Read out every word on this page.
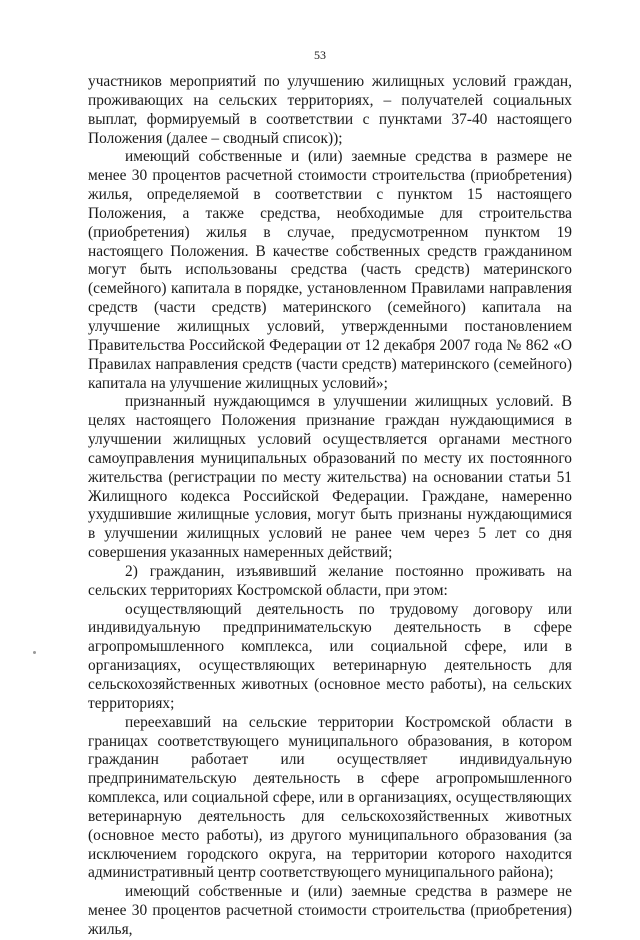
53

участников мероприятий по улучшению жилищных условий граждан, проживающих на сельских территориях, – получателей социальных выплат, формируемый в соответствии с пунктами 37-40 настоящего Положения (далее – сводный список));

имеющий собственные и (или) заемные средства в размере не менее 30 процентов расчетной стоимости строительства (приобретения) жилья, определяемой в соответствии с пунктом 15 настоящего Положения, а также средства, необходимые для строительства (приобретения) жилья в случае, предусмотренном пунктом 19 настоящего Положения. В качестве собственных средств гражданином могут быть использованы средства (часть средств) материнского (семейного) капитала в порядке, установленном Правилами направления средств (части средств) материнского (семейного) капитала на улучшение жилищных условий, утвержденными постановлением Правительства Российской Федерации от 12 декабря 2007 года № 862 «О Правилах направления средств (части средств) материнского (семейного) капитала на улучшение жилищных условий»;

признанный нуждающимся в улучшении жилищных условий. В целях настоящего Положения признание граждан нуждающимися в улучшении жилищных условий осуществляется органами местного самоуправления муниципальных образований по месту их постоянного жительства (регистрации по месту жительства) на основании статьи 51 Жилищного кодекса Российской Федерации. Граждане, намеренно ухудшившие жилищные условия, могут быть признаны нуждающимися в улучшении жилищных условий не ранее чем через 5 лет со дня совершения указанных намеренных действий;

2) гражданин, изъявивший желание постоянно проживать на сельских территориях Костромской области, при этом:

осуществляющий деятельность по трудовому договору или индивидуальную предпринимательскую деятельность в сфере агропромышленного комплекса, или социальной сфере, или в организациях, осуществляющих ветеринарную деятельность для сельскохозяйственных животных (основное место работы), на сельских территориях;

переехавший на сельские территории Костромской области в границах соответствующего муниципального образования, в котором гражданин работает или осуществляет индивидуальную предпринимательскую деятельность в сфере агропромышленного комплекса, или социальной сфере, или в организациях, осуществляющих ветеринарную деятельность для сельскохозяйственных животных (основное место работы), из другого муниципального образования (за исключением городского округа, на территории которого находится административный центр соответствующего муниципального района);

имеющий собственные и (или) заемные средства в размере не менее 30 процентов расчетной стоимости строительства (приобретения) жилья,
